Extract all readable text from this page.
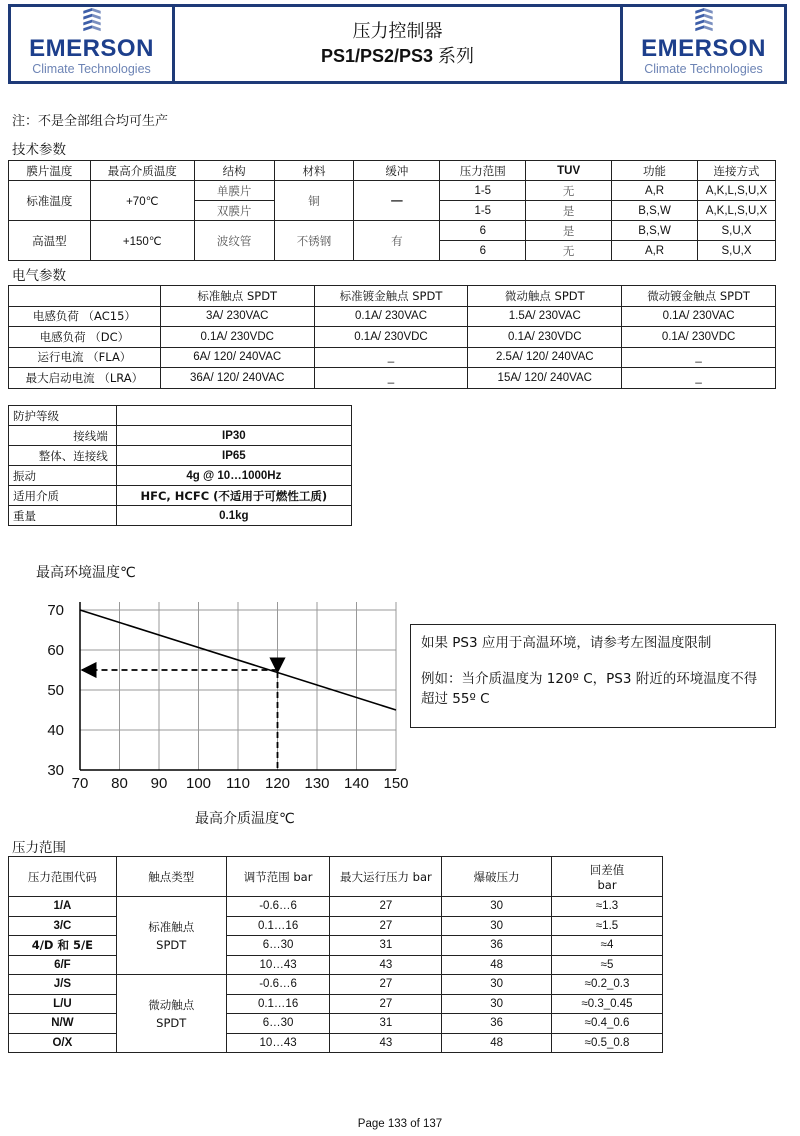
EMERSON
Climate Technologies
压力控制器
PS1/PS2/PS3 系列	EMERSON
Climate Technologies
注：不是全部组合均可生产
技术参数
膜片温度	最高介质温度	结构	材料	缓冲	压力范围	TUV	功能	连接方式
标准温度	+70℃	单膜片	铜	—	1-5	无	A,R	A,K,L,S,U,X
		双膜片			1-5	是	B,S,W	A,K,L,S,U,X
高温型	+150℃	波纹管	不锈钢	有	6	是	B,S,W	S,U,X
					6	无	A,R	S,U,X
电气参数
	标准触点 SPDT	标准镀金触点 SPDT	微动触点 SPDT	微动镀金触点 SPDT
电感负荷 （AC15）	3A/ 230VAC	0.1A/ 230VAC	1.5A/ 230VAC	0.1A/ 230VAC
电感负荷 （DC）	0.1A/ 230VDC	0.1A/ 230VDC	0.1A/ 230VDC	0.1A/ 230VDC
运行电流 （FLA）	6A/ 120/ 240VAC	_	2.5A/ 120/ 240VAC	_
最大启动电流 （LRA）	36A/ 120/ 240VAC	_	15A/ 120/ 240VAC	_
防护等级	
接线端	IP30
整体、连接线	IP65
振动	4g @ 10…1000Hz
适用介质	HFC, HCFC (不适用于可燃性工质)
重量	0.1kg
最高环境温度℃
70 80 90 100 110 120 130 140 150
30
40
50
60
70
最高介质温度℃

如果 PS3 应用于高温环境，请参考左图温度限制

例如：当介质温度为 120º C，PS3 附近的环境温度不得超过 55º C

压力范围
压力范围代码	触点类型	调节范围 bar	最大运行压力 bar	爆破压力	回差值 bar
1/A	标准触点 SPDT	-0.6…6	27	30	≈1.3
3/C		0.1…16	27	30	≈1.5
4/D 和 5/E		6…30	31	36	≈4
6/F		10…43	43	48	≈5
J/S	微动触点 SPDT	-0.6…6	27	30	≈0.2_0.3
L/U		0.1…16	27	30	≈0.3_0.45
N/W		6…30	31	36	≈0.4_0.6
O/X		10…43	43	48	≈0.5_0.8
Page 133 of 137
